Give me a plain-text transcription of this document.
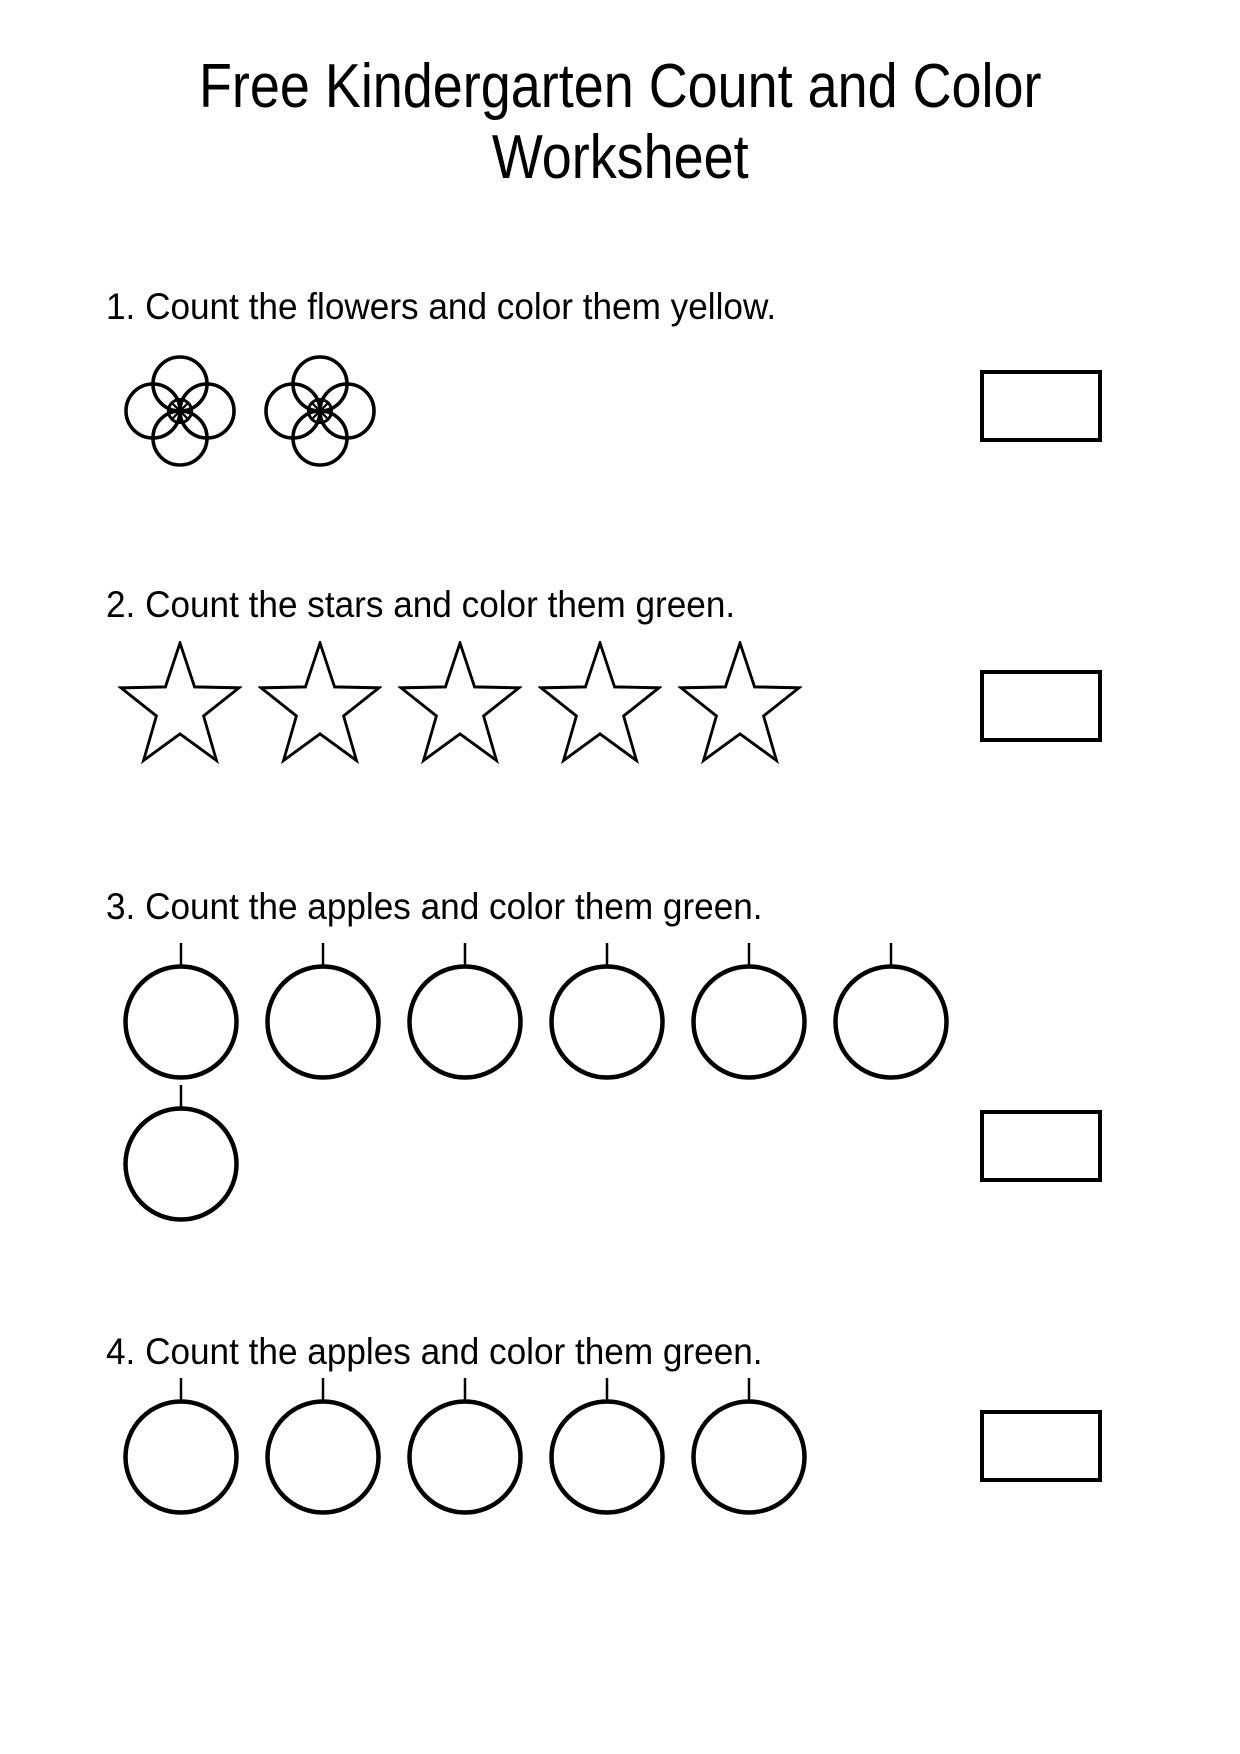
Free Kindergarten Count and Color
Worksheet
1. Count the flowers and color them yellow.
2. Count the stars and color them green.
3. Count the apples and color them green.
4. Count the apples and color them green.
